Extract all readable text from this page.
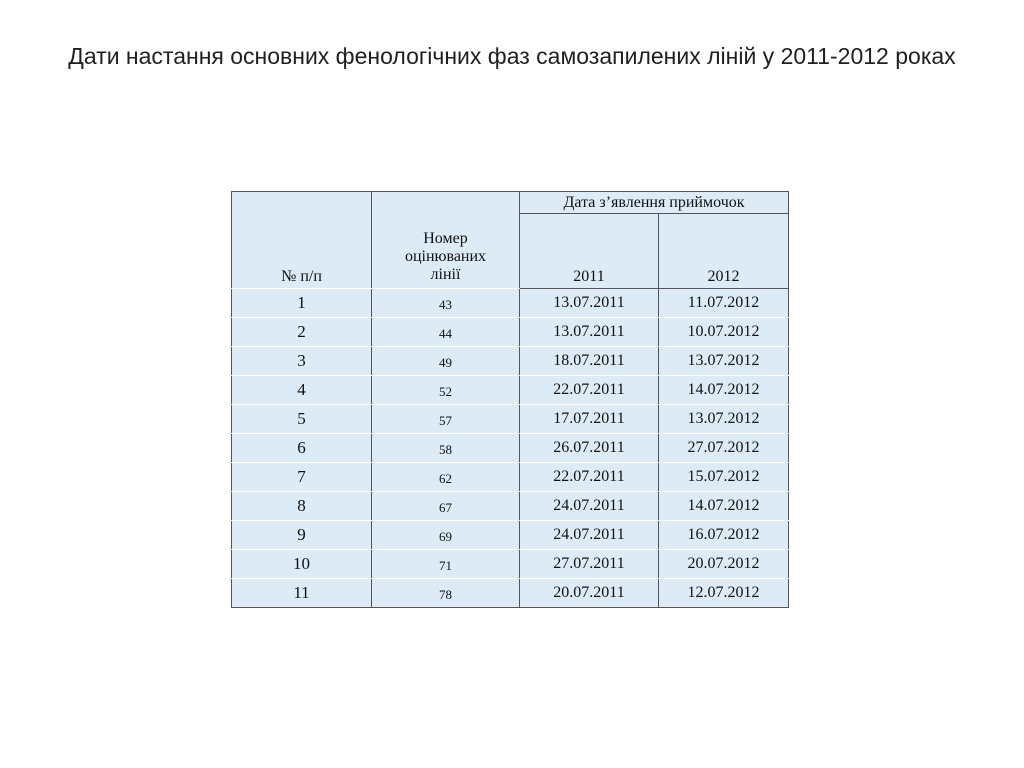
Дати настання основних фенологічних фаз самозапилених ліній у 2011-2012 роках
№ п/п	Номер оцінюваних лінії	Дата з’явлення приймочок	
		2011	2012
1	43	13.07.2011	11.07.2012
2	44	13.07.2011	10.07.2012
3	49	18.07.2011	13.07.2012
4	52	22.07.2011	14.07.2012
5	57	17.07.2011	13.07.2012
6	58	26.07.2011	27.07.2012
7	62	22.07.2011	15.07.2012
8	67	24.07.2011	14.07.2012
9	69	24.07.2011	16.07.2012
10	71	27.07.2011	20.07.2012
11	78	20.07.2011	12.07.2012
